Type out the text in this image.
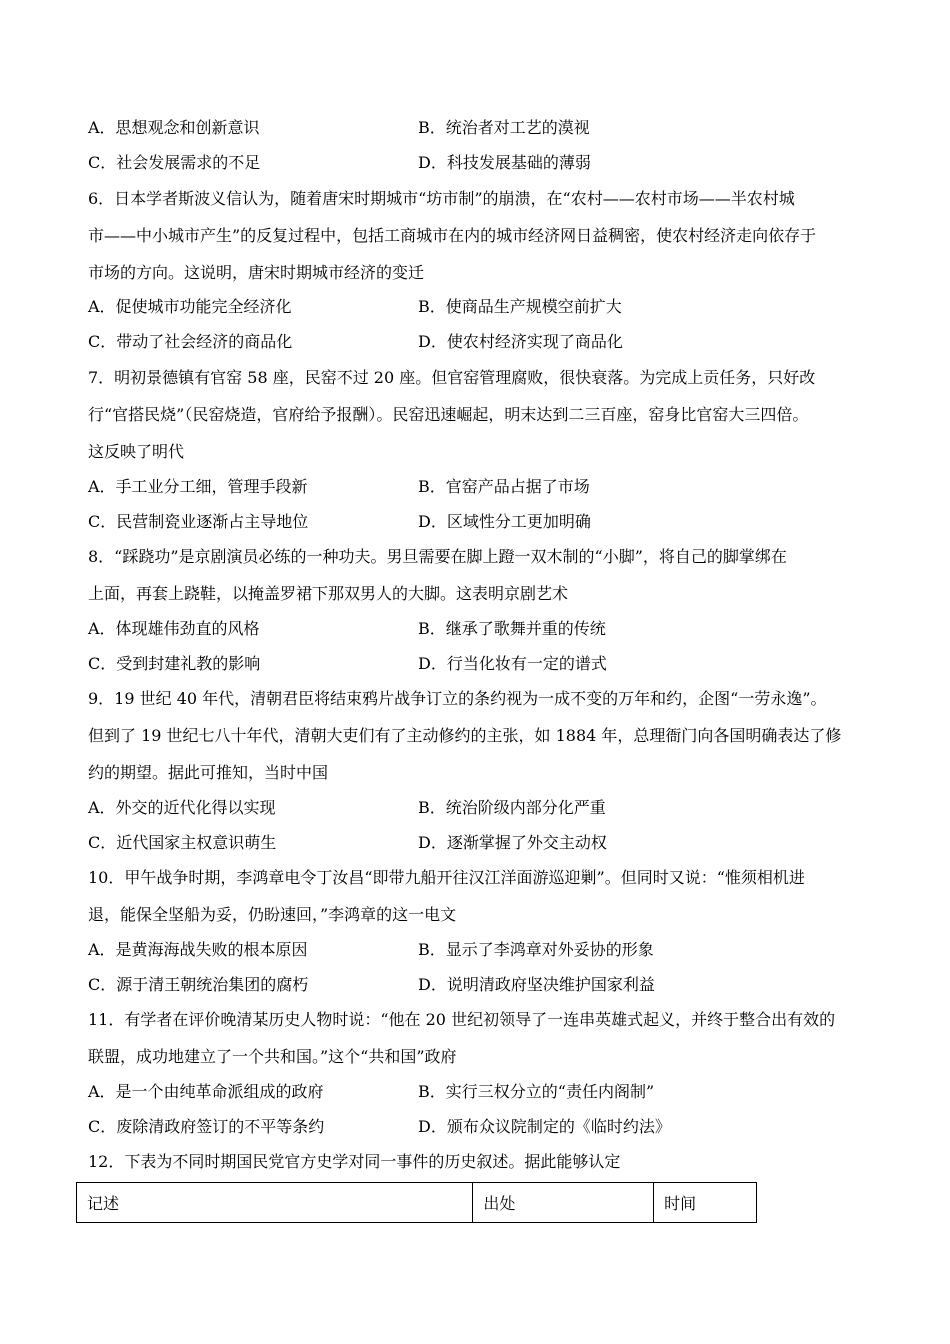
A．思想观念和创新意识	B．统治者对工艺的漠视
C．社会发展需求的不足	D．科技发展基础的薄弱
6．日本学者斯波义信认为，随着唐宋时期城市“坊市制”的崩溃，在“农村——农村市场——半农村城
市——中小城市产生”的反复过程中，包括工商城市在内的城市经济网日益稠密，使农村经济走向依存于
市场的方向。这说明，唐宋时期城市经济的变迁
A．促使城市功能完全经济化	B．使商品生产规模空前扩大
C．带动了社会经济的商品化	D．使农村经济实现了商品化
7．明初景德镇有官窑 58 座，民窑不过 20 座。但官窑管理腐败，很快衰落。为完成上贡任务，只好改
行“官搭民烧”（民窑烧造，官府给予报酬）。民窑迅速崛起，明末达到二三百座，窑身比官窑大三四倍。
这反映了明代
A．手工业分工细，管理手段新	B．官窑产品占据了市场
C．民营制瓷业逐渐占主导地位	D．区域性分工更加明确
8．“踩跷功”是京剧演员必练的一种功夫。男旦需要在脚上蹬一双木制的“小脚”，将自己的脚掌绑在
上面，再套上跷鞋，以掩盖罗裙下那双男人的大脚。这表明京剧艺术
A．体现雄伟劲直的风格	B．继承了歌舞并重的传统
C．受到封建礼教的影响	D．行当化妆有一定的谱式
9．19 世纪 40 年代，清朝君臣将结束鸦片战争订立的条约视为一成不变的万年和约，企图“一劳永逸”。
但到了 19 世纪七八十年代，清朝大吏们有了主动修约的主张，如 1884 年，总理衙门向各国明确表达了修
约的期望。据此可推知，当时中国
A．外交的近代化得以实现	B．统治阶级内部分化严重
C．近代国家主权意识萌生	D．逐渐掌握了外交主动权
10．甲午战争时期，李鸿章电令丁汝昌“即带九船开往汉江洋面游巡迎剿”。但同时又说：“惟须相机进
退，能保全坚船为妥，仍盼速回，”李鸿章的这一电文
A．是黄海海战失败的根本原因	B．显示了李鸿章对外妥协的形象
C．源于清王朝统治集团的腐朽	D．说明清政府坚决维护国家利益
11．有学者在评价晚清某历史人物时说：“他在 20 世纪初领导了一连串英雄式起义，并终于整合出有效的
联盟，成功地建立了一个共和国。”这个“共和国”政府
A．是一个由纯革命派组成的政府	B．实行三权分立的“责任内阁制”
C．废除清政府签订的不平等条约	D．颁布众议院制定的《临时约法》
12．下表为不同时期国民党官方史学对同一事件的历史叙述。据此能够认定
记述	出处	时间
